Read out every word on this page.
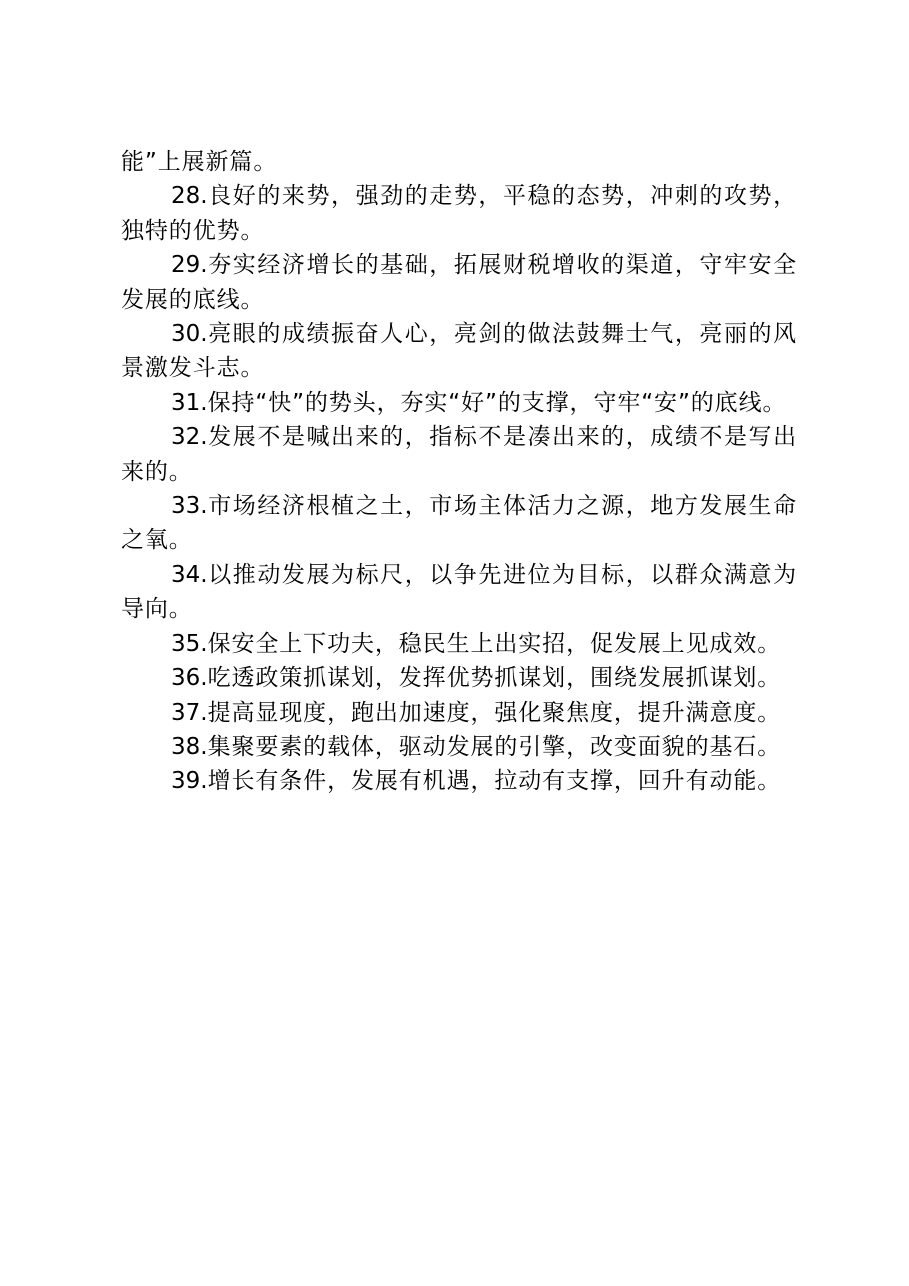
能”上展新篇。

28.良好的来势，强劲的走势，平稳的态势，冲刺的攻势，独特的优势。

29.夯实经济增长的基础，拓展财税增收的渠道，守牢安全发展的底线。

30.亮眼的成绩振奋人心，亮剑的做法鼓舞士气，亮丽的风景激发斗志。

31.保持“快”的势头，夯实“好”的支撑，守牢“安”的底线。

32.发展不是喊出来的，指标不是凑出来的，成绩不是写出来的。

33.市场经济根植之土，市场主体活力之源，地方发展生命之氧。

34.以推动发展为标尺，以争先进位为目标，以群众满意为导向。

35.保安全上下功夫，稳民生上出实招，促发展上见成效。

36.吃透政策抓谋划，发挥优势抓谋划，围绕发展抓谋划。

37.提高显现度，跑出加速度，强化聚焦度，提升满意度。

38.集聚要素的载体，驱动发展的引擎，改变面貌的基石。

39.增长有条件，发展有机遇，拉动有支撑，回升有动能。
